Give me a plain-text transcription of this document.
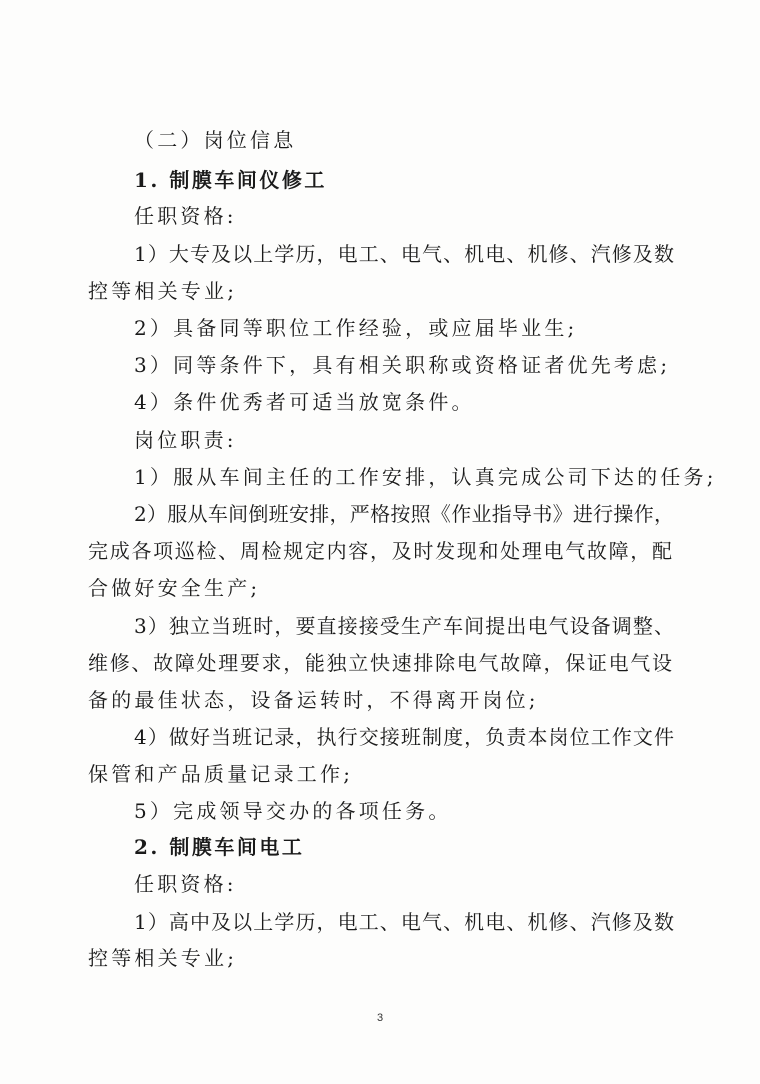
（二）岗位信息
1. 制膜车间仪修工
任职资格:
1）大专及以上学历，电工、电气、机电、机修、汽修及数
控等相关专业;
2）具备同等职位工作经验，或应届毕业生;
3）同等条件下，具有相关职称或资格证者优先考虑;
4）条件优秀者可适当放宽条件。
岗位职责:
1）服从车间主任的工作安排，认真完成公司下达的任务;
2）服从车间倒班安排，严格按照《作业指导书》进行操作，
完成各项巡检、周检规定内容，及时发现和处理电气故障，配
合做好安全生产;
3）独立当班时，要直接接受生产车间提出电气设备调整、
维修、故障处理要求，能独立快速排除电气故障，保证电气设
备的最佳状态，设备运转时，不得离开岗位;
4）做好当班记录，执行交接班制度，负责本岗位工作文件
保管和产品质量记录工作;
5）完成领导交办的各项任务。
2. 制膜车间电工
任职资格:
1）高中及以上学历，电工、电气、机电、机修、汽修及数
控等相关专业;
3
